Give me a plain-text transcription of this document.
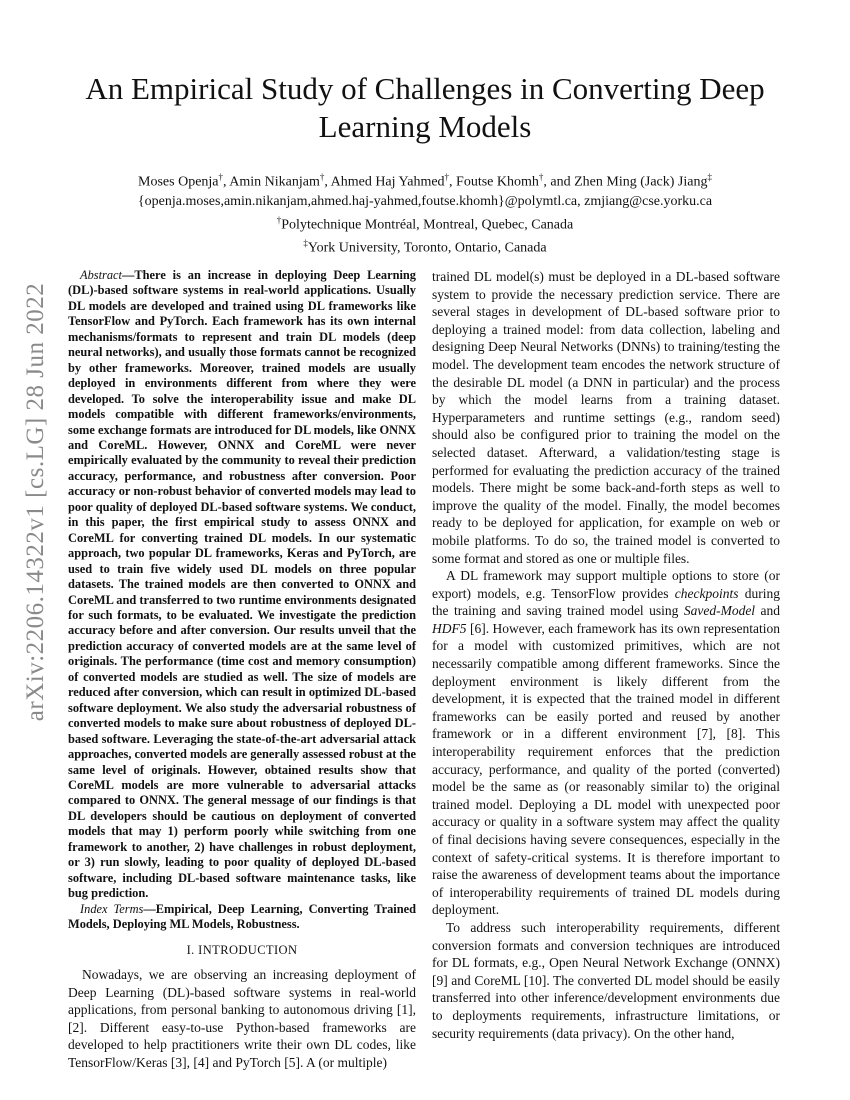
arXiv:2206.14322v1 [cs.LG] 28 Jun 2022
An Empirical Study of Challenges in Converting Deep Learning Models
Moses Openja†, Amin Nikanjam†, Ahmed Haj Yahmed†, Foutse Khomh†, and Zhen Ming (Jack) Jiang‡
{openja.moses,amin.nikanjam,ahmed.haj-yahmed,foutse.khomh}@polymtl.ca, zmjiang@cse.yorku.ca
†Polytechnique Montréal, Montreal, Quebec, Canada
‡York University, Toronto, Ontario, Canada

Abstract—There is an increase in deploying Deep Learning (DL)-based software systems in real-world applications. Usually DL models are developed and trained using DL frameworks like TensorFlow and PyTorch. Each framework has its own internal mechanisms/formats to represent and train DL models (deep neural networks), and usually those formats cannot be recognized by other frameworks. Moreover, trained models are usually deployed in environments different from where they were developed. To solve the interoperability issue and make DL models compatible with different frameworks/environments, some exchange formats are introduced for DL models, like ONNX and CoreML. However, ONNX and CoreML were never empirically evaluated by the community to reveal their prediction accuracy, performance, and robustness after conversion. Poor accuracy or non-robust behavior of converted models may lead to poor quality of deployed DL-based software systems. We conduct, in this paper, the first empirical study to assess ONNX and CoreML for converting trained DL models. In our systematic approach, two popular DL frameworks, Keras and PyTorch, are used to train five widely used DL models on three popular datasets. The trained models are then converted to ONNX and CoreML and transferred to two runtime environments designated for such formats, to be evaluated. We investigate the prediction accuracy before and after conversion. Our results unveil that the prediction accuracy of converted models are at the same level of originals. The performance (time cost and memory consumption) of converted models are studied as well. The size of models are reduced after conversion, which can result in optimized DL-based software deployment. We also study the adversarial robustness of converted models to make sure about robustness of deployed DL-based software. Leveraging the state-of-the-art adversarial attack approaches, converted models are generally assessed robust at the same level of originals. However, obtained results show that CoreML models are more vulnerable to adversarial attacks compared to ONNX. The general message of our findings is that DL developers should be cautious on deployment of converted models that may 1) perform poorly while switching from one framework to another, 2) have challenges in robust deployment, or 3) run slowly, leading to poor quality of deployed DL-based software, including DL-based software maintenance tasks, like bug prediction.

Index Terms—Empirical, Deep Learning, Converting Trained Models, Deploying ML Models, Robustness.

I. INTRODUCTION

Nowadays, we are observing an increasing deployment of Deep Learning (DL)-based software systems in real-world applications, from personal banking to autonomous driving [1], [2]. Different easy-to-use Python-based frameworks are developed to help practitioners write their own DL codes, like TensorFlow/Keras [3], [4] and PyTorch [5]. A (or multiple)

trained DL model(s) must be deployed in a DL-based software system to provide the necessary prediction service. There are several stages in development of DL-based software prior to deploying a trained model: from data collection, labeling and designing Deep Neural Networks (DNNs) to training/testing the model. The development team encodes the network structure of the desirable DL model (a DNN in particular) and the process by which the model learns from a training dataset. Hyperparameters and runtime settings (e.g., random seed) should also be configured prior to training the model on the selected dataset. Afterward, a validation/testing stage is performed for evaluating the prediction accuracy of the trained models. There might be some back-and-forth steps as well to improve the quality of the model. Finally, the model becomes ready to be deployed for application, for example on web or mobile platforms. To do so, the trained model is converted to some format and stored as one or multiple files.

A DL framework may support multiple options to store (or export) models, e.g. TensorFlow provides checkpoints during the training and saving trained model using Saved-Model and HDF5 [6]. However, each framework has its own representation for a model with customized primitives, which are not necessarily compatible among different frameworks. Since the deployment environment is likely different from the development, it is expected that the trained model in different frameworks can be easily ported and reused by another framework or in a different environment [7], [8]. This interoperability requirement enforces that the prediction accuracy, performance, and quality of the ported (converted) model be the same as (or reasonably similar to) the original trained model. Deploying a DL model with unexpected poor accuracy or quality in a software system may affect the quality of final decisions having severe consequences, especially in the context of safety-critical systems. It is therefore important to raise the awareness of development teams about the importance of interoperability requirements of trained DL models during deployment.

To address such interoperability requirements, different conversion formats and conversion techniques are introduced for DL formats, e.g., Open Neural Network Exchange (ONNX) [9] and CoreML [10]. The converted DL model should be easily transferred into other inference/development environments due to deployments requirements, infrastructure limitations, or security requirements (data privacy). On the other hand,
